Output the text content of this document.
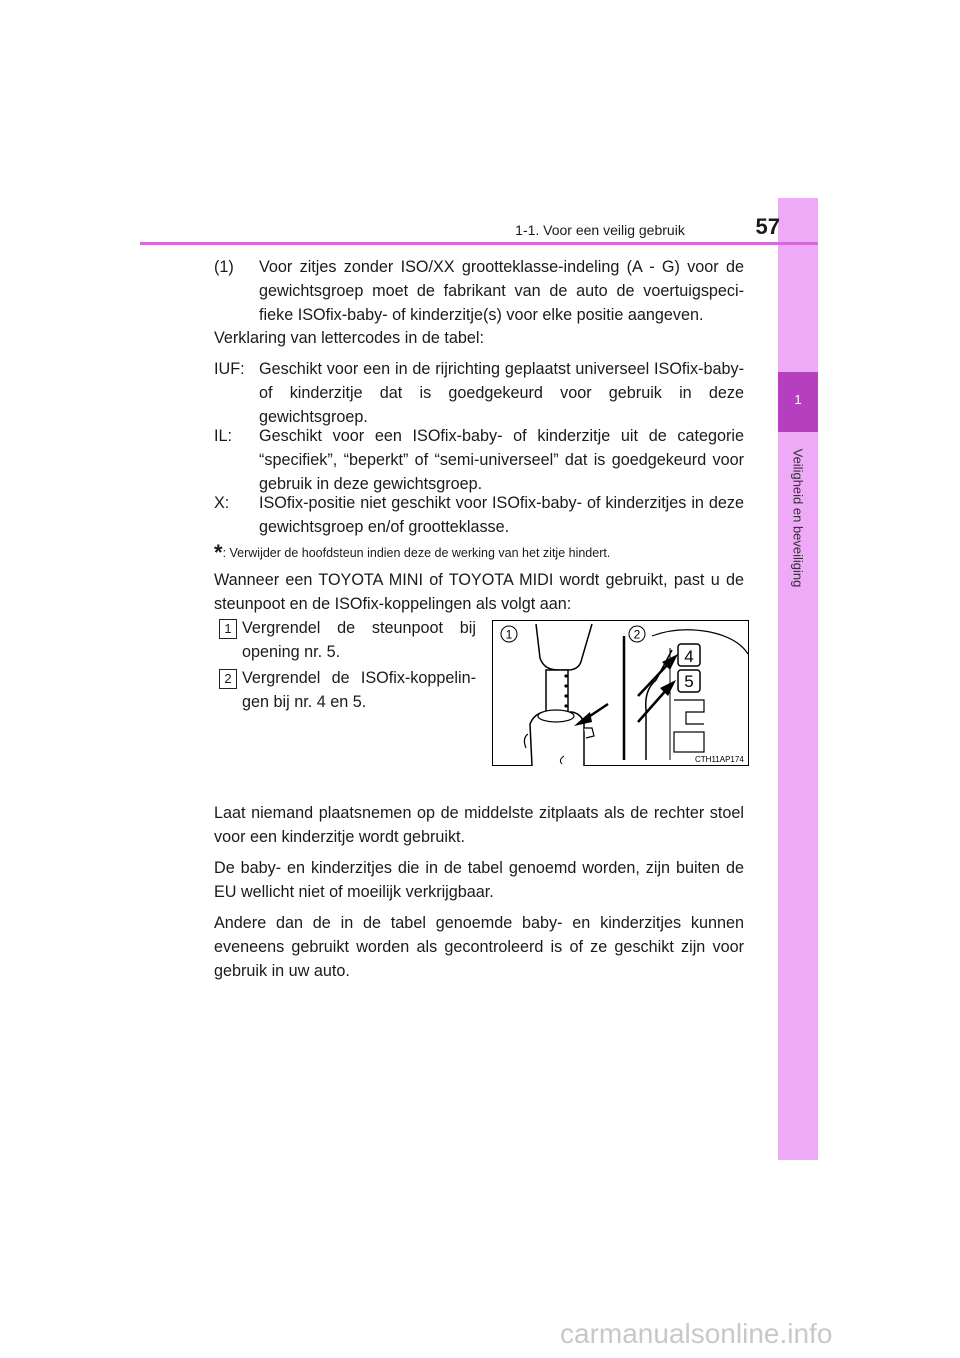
1
Veiligheid en beveiliging
1-1. Voor een veilig gebruik	57
(1) Voor zitjes zonder ISO/XX grootteklasse-indeling (A - G) voor de gewichtsgroep moet de fabrikant van de auto de voertuigspeci-fieke ISOfix-baby- of kinderzitje(s) voor elke positie aangeven.
Verklaring van lettercodes in de tabel:
IUF: Geschikt voor een in de rijrichting geplaatst universeel ISOfix-baby- of kinderzitje dat is goedgekeurd voor gebruik in deze gewichtsgroep.
IL: Geschikt voor een ISOfix-baby- of kinderzitje uit de categorie “specifiek”, “beperkt” of “semi-universeel” dat is goedgekeurd voor gebruik in deze gewichtsgroep.
X: ISOfix-positie niet geschikt voor ISOfix-baby- of kinderzitjes in deze gewichtsgroep en/of grootteklasse.
*: Verwijder de hoofdsteun indien deze de werking van het zitje hindert.
Wanneer een TOYOTA MINI of TOYOTA MIDI wordt gebruikt, past u de steunpoot en de ISOfix-koppelingen als volgt aan:
1 Vergrendel de steunpoot bij opening nr. 5.
2 Vergrendel de ISOfix-koppelin-gen bij nr. 4 en 5.
1
4
5
2
CTH11AP174
Laat niemand plaatsnemen op de middelste zitplaats als de rechter stoel voor een kinderzitje wordt gebruikt.
De baby- en kinderzitjes die in de tabel genoemd worden, zijn buiten de EU wellicht niet of moeilijk verkrijgbaar.
Andere dan de in de tabel genoemde baby- en kinderzitjes kunnen eveneens gebruikt worden als gecontroleerd is of ze geschikt zijn voor gebruik in uw auto.
carmanualsonline.info
